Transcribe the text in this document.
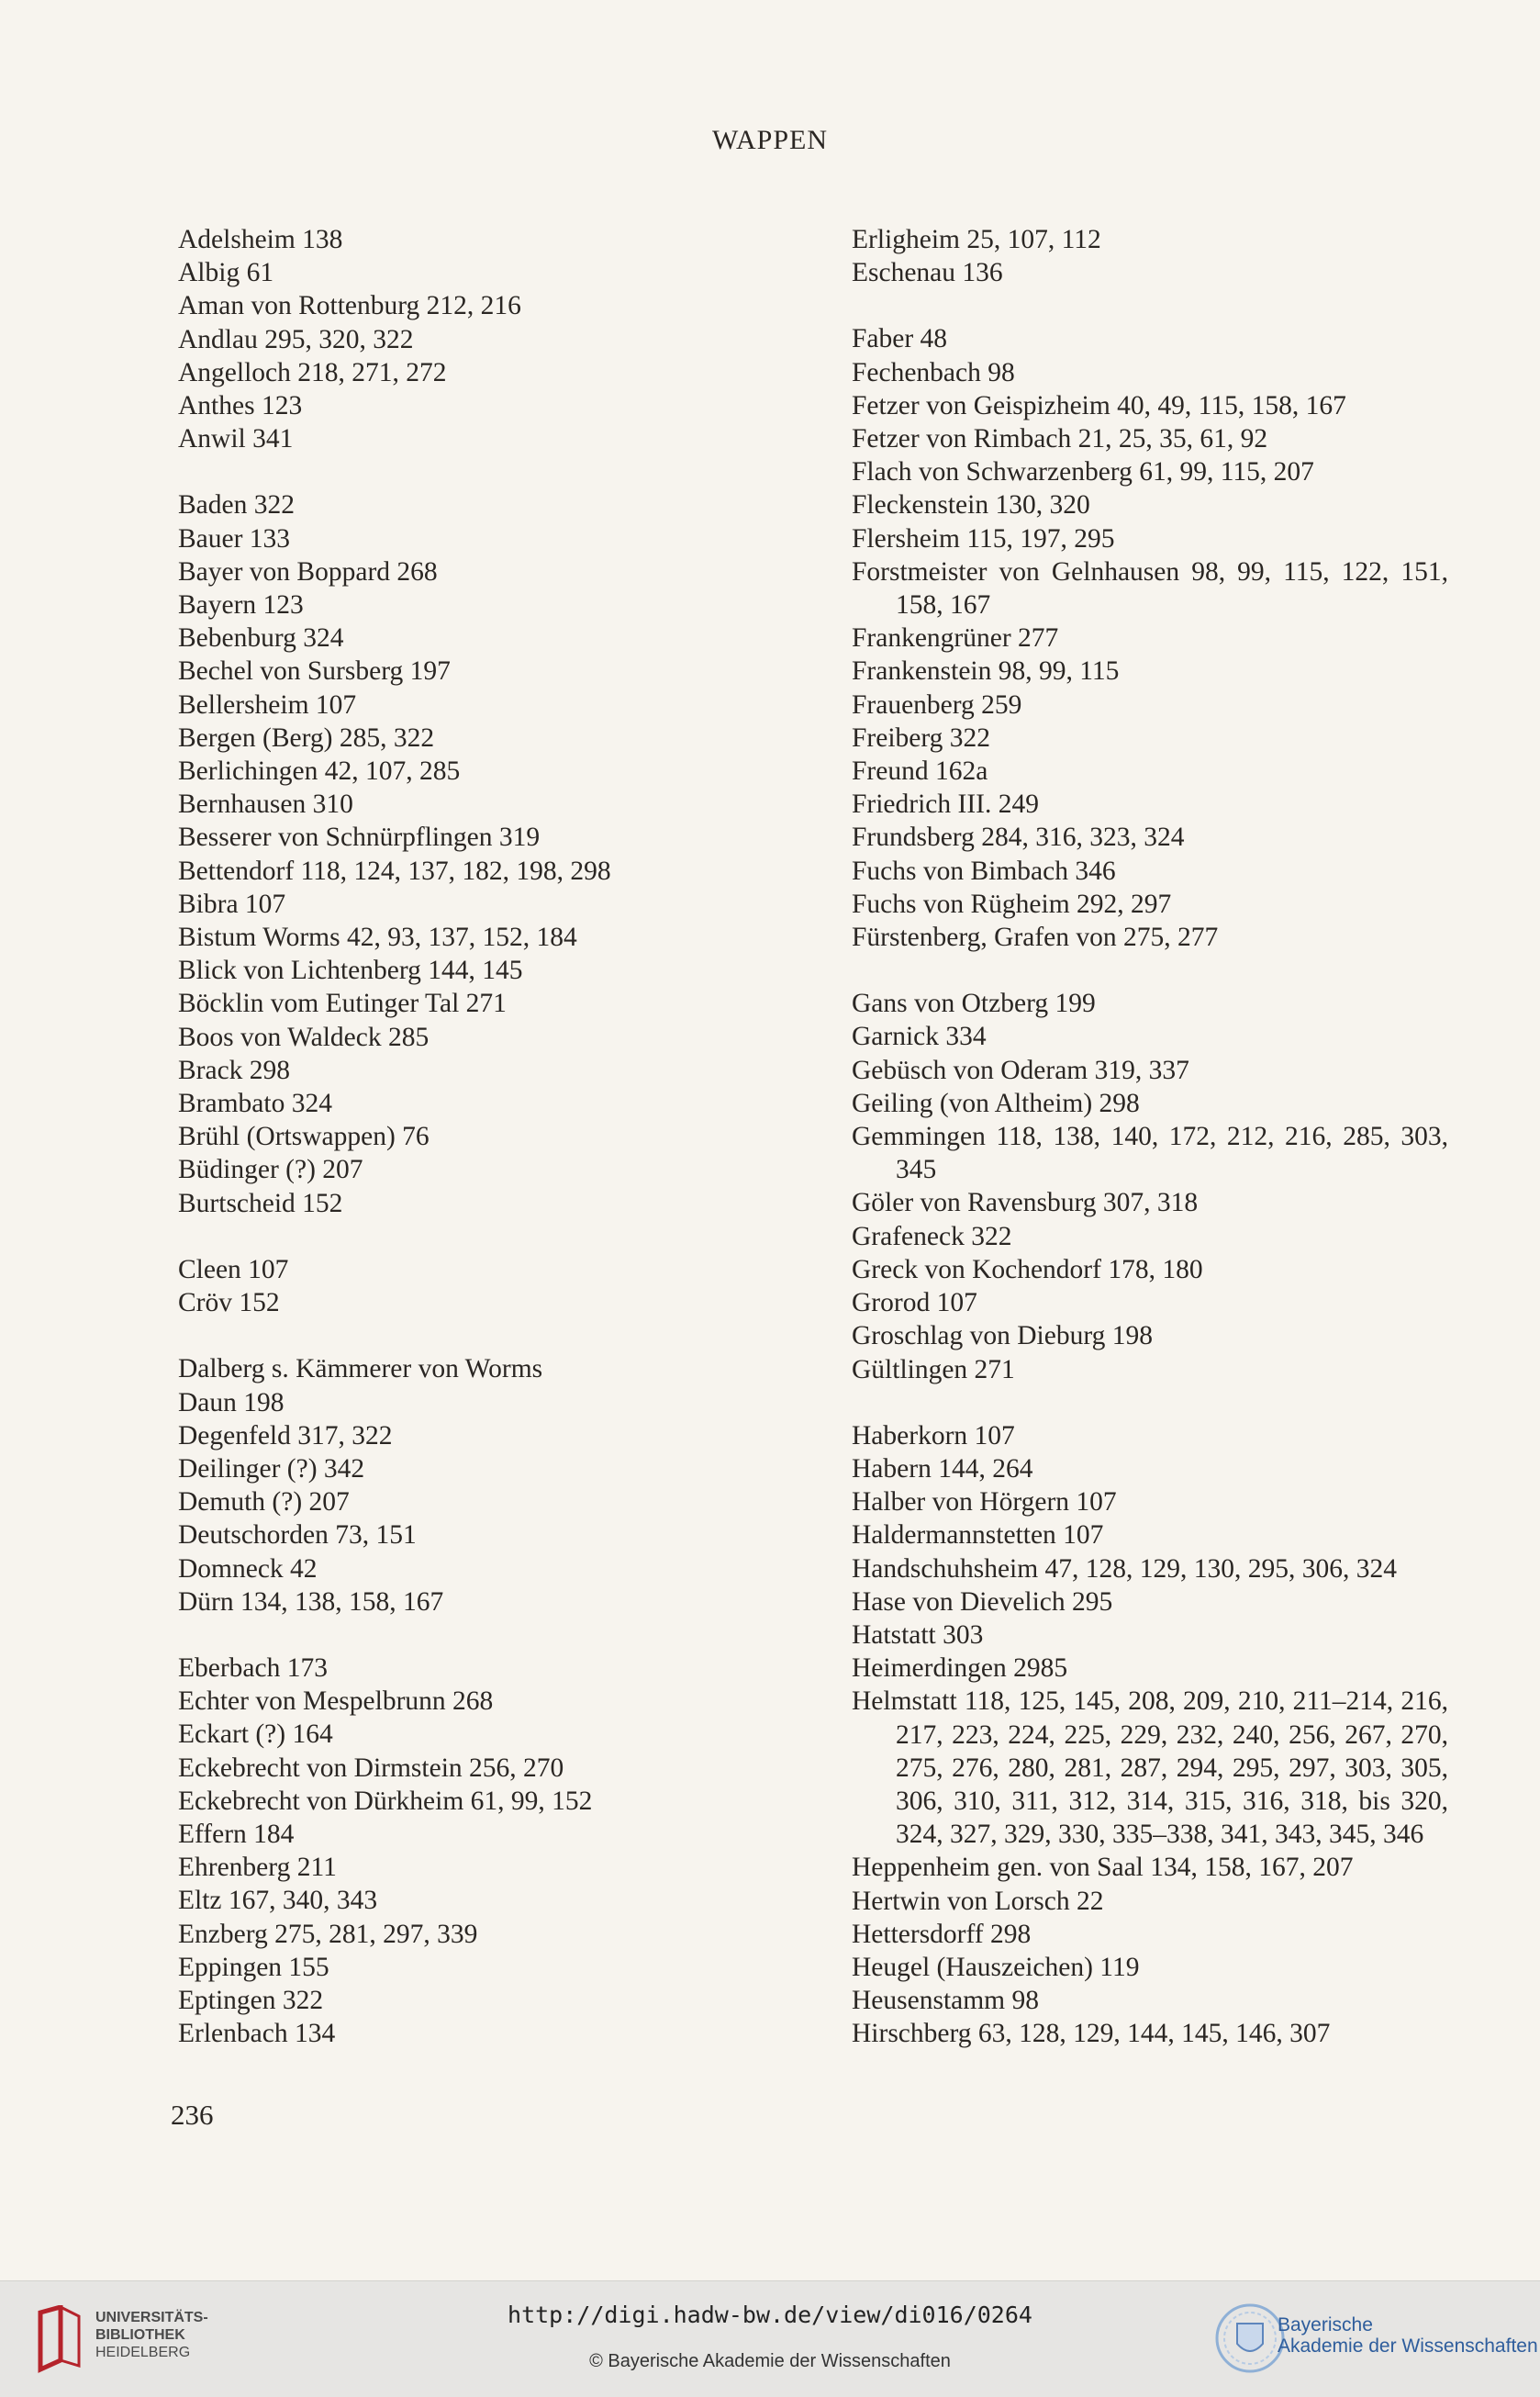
WAPPEN
Adelsheim 138
Albig 61
Aman von Rottenburg 212, 216
Andlau 295, 320, 322
Angelloch 218, 271, 272
Anthes 123
Anwil 341
Baden 322
Bauer 133
Bayer von Boppard 268
Bayern 123
Bebenburg 324
Bechel von Sursberg 197
Bellersheim 107
Bergen (Berg) 285, 322
Berlichingen 42, 107, 285
Bernhausen 310
Besserer von Schnürpflingen 319
Bettendorf 118, 124, 137, 182, 198, 298
Bibra 107
Bistum Worms 42, 93, 137, 152, 184
Blick von Lichtenberg 144, 145
Böcklin vom Eutinger Tal 271
Boos von Waldeck 285
Brack 298
Brambato 324
Brühl (Ortswappen) 76
Büdinger (?) 207
Burtscheid 152
Cleen 107
Cröv 152
Dalberg s. Kämmerer von Worms
Daun 198
Degenfeld 317, 322
Deilinger (?) 342
Demuth (?) 207
Deutschorden 73, 151
Domneck 42
Dürn 134, 138, 158, 167
Eberbach 173
Echter von Mespelbrunn 268
Eckart (?) 164
Eckebrecht von Dirmstein 256, 270
Eckebrecht von Dürkheim 61, 99, 152
Effern 184
Ehrenberg 211
Eltz 167, 340, 343
Enzberg 275, 281, 297, 339
Eppingen 155
Eptingen 322
Erlenbach 134
Erligheim 25, 107, 112
Eschenau 136
Faber 48
Fechenbach 98
Fetzer von Geispizheim 40, 49, 115, 158, 167
Fetzer von Rimbach 21, 25, 35, 61, 92
Flach von Schwarzenberg 61, 99, 115, 207
Fleckenstein 130, 320
Flersheim 115, 197, 295
Forstmeister von Gelnhausen 98, 99, 115, 122, 151, 158, 167
Frankengrüner 277
Frankenstein 98, 99, 115
Frauenberg 259
Freiberg 322
Freund 162a
Friedrich III. 249
Frundsberg 284, 316, 323, 324
Fuchs von Bimbach 346
Fuchs von Rügheim 292, 297
Fürstenberg, Grafen von 275, 277
Gans von Otzberg 199
Garnick 334
Gebüsch von Oderam 319, 337
Geiling (von Altheim) 298
Gemmingen 118, 138, 140, 172, 212, 216, 285, 303, 345
Göler von Ravensburg 307, 318
Grafeneck 322
Greck von Kochendorf 178, 180
Grorod 107
Groschlag von Dieburg 198
Gültlingen 271
Haberkorn 107
Habern 144, 264
Halber von Hörgern 107
Haldermannstetten 107
Handschuhsheim 47, 128, 129, 130, 295, 306, 324
Hase von Dievelich 295
Hatstatt 303
Heimerdingen 2985
Helmstatt 118, 125, 145, 208, 209, 210, 211–214, 216, 217, 223, 224, 225, 229, 232, 240, 256, 267, 270, 275, 276, 280, 281, 287, 294, 295, 297, 303, 305, 306, 310, 311, 312, 314, 315, 316, 318, bis 320, 324, 327, 329, 330, 335–338, 341, 343, 345, 346
Heppenheim gen. von Saal 134, 158, 167, 207
Hertwin von Lorsch 22
Hettersdorff 298
Heugel (Hauszeichen) 119
Heusenstamm 98
Hirschberg 63, 128, 129, 144, 145, 146, 307
236
UNIVERSITÄTS-
BIBLIOTHEK
HEIDELBERG
http://digi.hadw-bw.de/view/di016/0264
© Bayerische Akademie der Wissenschaften
Bayerische
Akademie der Wissenschaften
